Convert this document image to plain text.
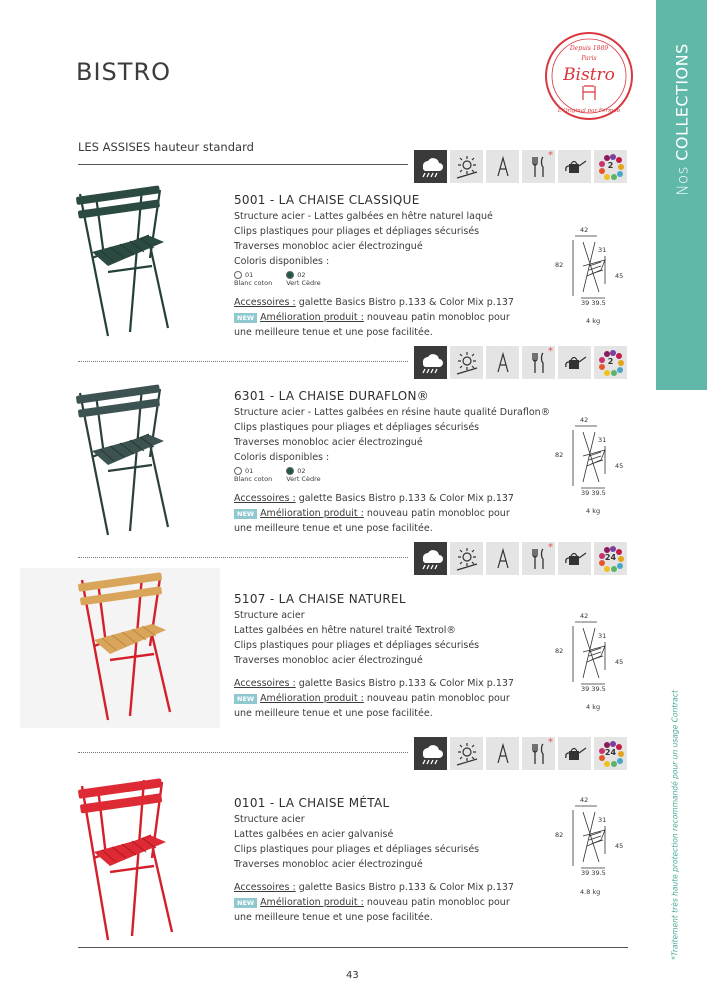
BISTRO
Depuis 1889
Paris
Bistro
L'Original par Fermob
Nos COLLECTIONS
*Traitement très haute protection recommandé pour un usage Contract
LES ASSISES hauteur standard
*
2
5001 - LA CHAISE CLASSIQUE
Structure acier - Lattes galbées en hêtre naturel laqué
Clips plastiques pour pliages et dépliages sécurisés
Traverses monobloc acier électrozingué
Coloris disponibles :
01
Blanc coton
02
Vert Cèdre
Accessoires : galette Basics Bistro p.133 & Color Mix p.137
NEW Amélioration produit : nouveau patin monobloc pour
une meilleure tenue et une pose facilitée.
42
31
82
45
39 39.5
4 kg
*
2
6301 - LA CHAISE DURAFLON®
Structure acier - Lattes galbées en résine haute qualité Duraflon®
Clips plastiques pour pliages et dépliages sécurisés
Traverses monobloc acier électrozingué
Coloris disponibles :
01
Blanc coton
02
Vert Cèdre
Accessoires : galette Basics Bistro p.133 & Color Mix p.137
NEW Amélioration produit : nouveau patin monobloc pour
une meilleure tenue et une pose facilitée.
42
31
82
45
39 39.5
4 kg
*
24
5107 - LA CHAISE NATUREL
Structure acier
Lattes galbées en hêtre naturel traité Textrol®
Clips plastiques pour pliages et dépliages sécurisés
Traverses monobloc acier électrozingué
Accessoires : galette Basics Bistro p.133 & Color Mix p.137
NEW Amélioration produit : nouveau patin monobloc pour
une meilleure tenue et une pose facilitée.
42
31
82
45
39 39.5
4 kg
*
24
0101 - LA CHAISE MÉTAL
Structure acier
Lattes galbées en acier galvanisé
Clips plastiques pour pliages et dépliages sécurisés
Traverses monobloc acier électrozingué
Accessoires : galette Basics Bistro p.133 & Color Mix p.137
NEW Amélioration produit : nouveau patin monobloc pour
une meilleure tenue et une pose facilitée.
42
31
82
45
39 39.5
4.8 kg
43
